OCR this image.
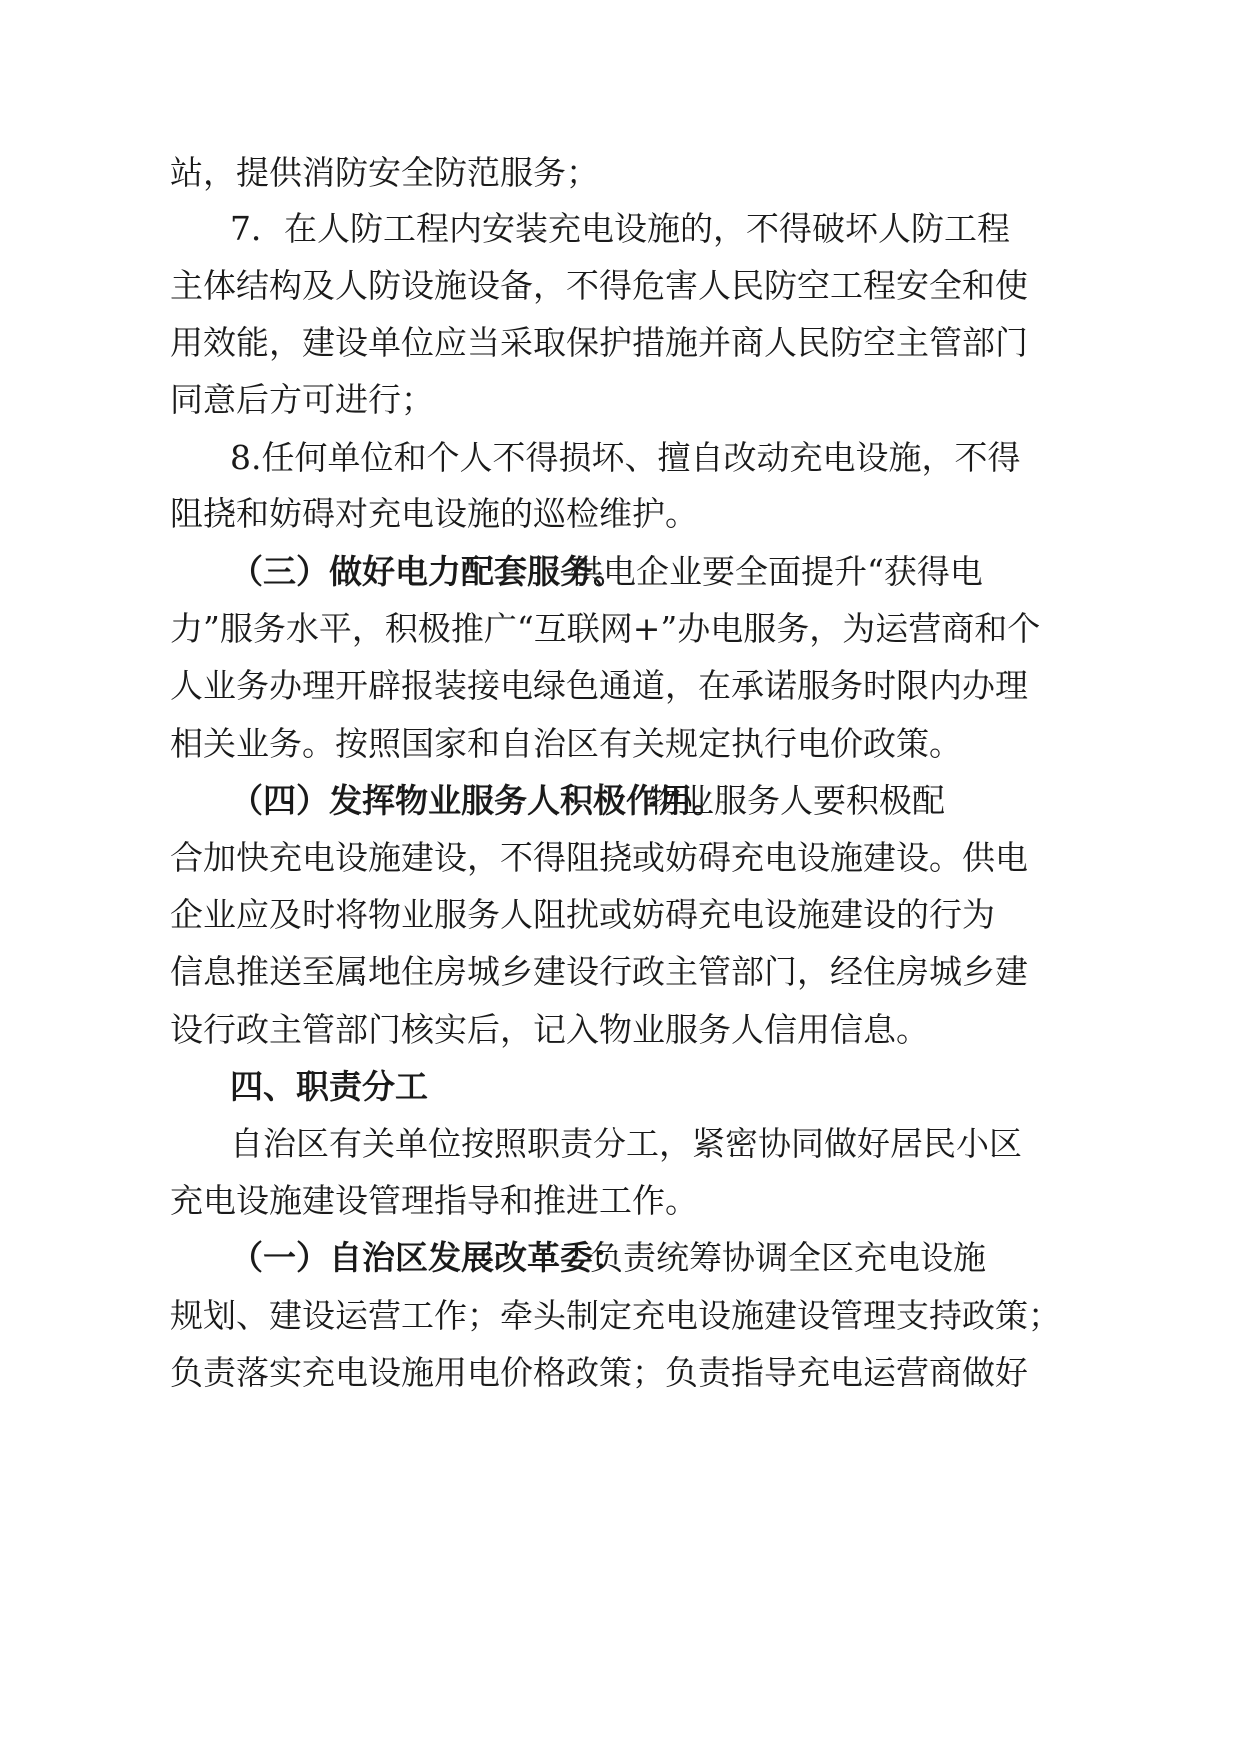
站，提供消防安全防范服务；
7．在人防工程内安装充电设施的，不得破坏人防工程
主体结构及人防设施设备，不得危害人民防空工程安全和使
用效能，建设单位应当采取保护措施并商人民防空主管部门
同意后方可进行；
8.任何单位和个人不得损坏、擅自改动充电设施，不得
阻挠和妨碍对充电设施的巡检维护。
（三）做好电力配套服务。
供电企业要全面提升“获得电
力”服务水平，积极推广“互联网+”办电服务，为运营商和个
人业务办理开辟报装接电绿色通道，在承诺服务时限内办理
相关业务。按照国家和自治区有关规定执行电价政策。
（四）发挥物业服务人积极作用。
物业服务人要积极配
合加快充电设施建设，不得阻挠或妨碍充电设施建设。供电
企业应及时将物业服务人阻扰或妨碍充电设施建设的行为
信息推送至属地住房城乡建设行政主管部门，经住房城乡建
设行政主管部门核实后，记入物业服务人信用信息。
四、职责分工
自治区有关单位按照职责分工，紧密协同做好居民小区
充电设施建设管理指导和推进工作。
（一）自治区发展改革委：
负责统筹协调全区充电设施
规划、建设运营工作；牵头制定充电设施建设管理支持政策；
负责落实充电设施用电价格政策；负责指导充电运营商做好
